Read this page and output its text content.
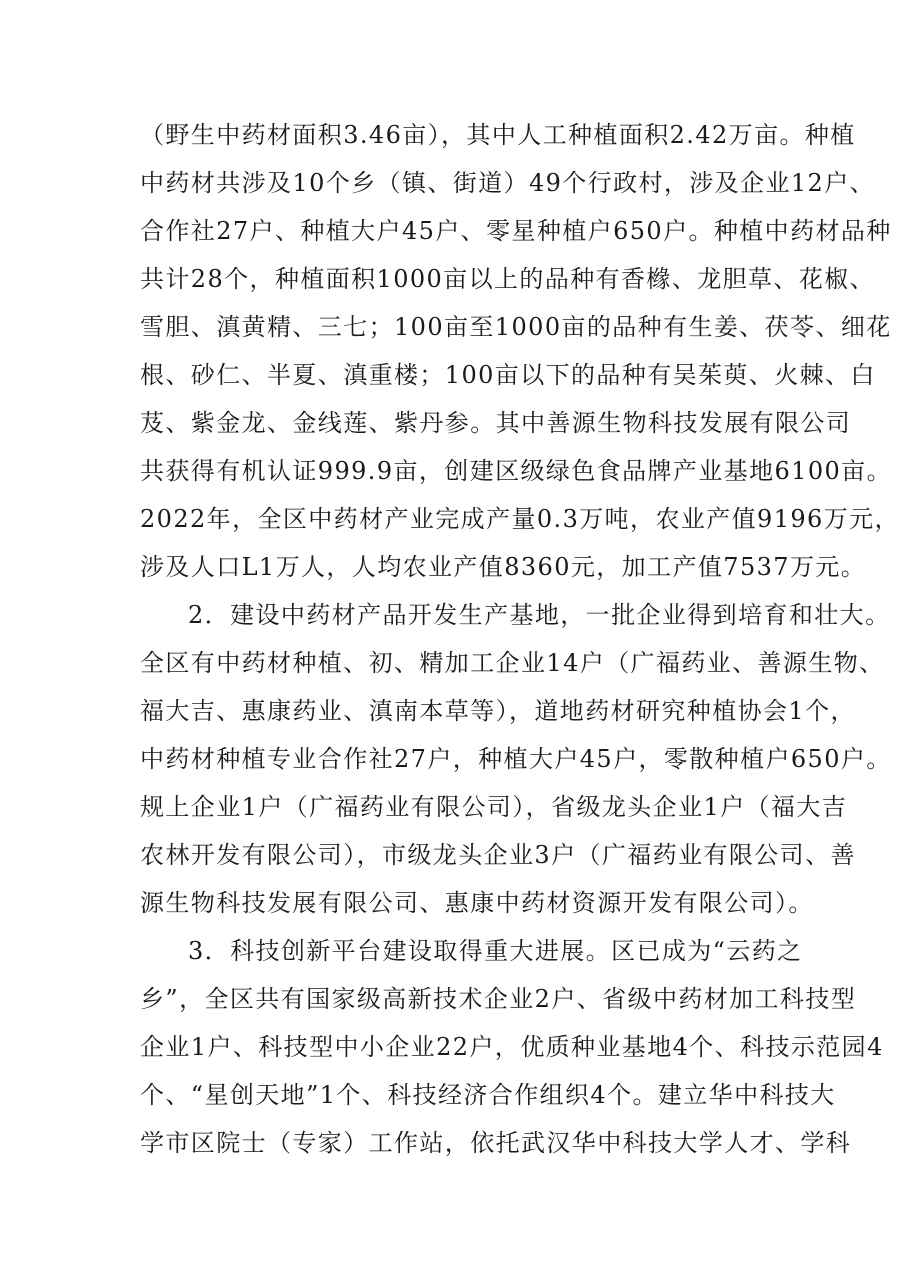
（野生中药材面积3.46亩），其中人工种植面积2.42万亩。种植
中药材共涉及10个乡（镇、街道）49个行政村，涉及企业12户、
合作社27户、种植大户45户、零星种植户650户。种植中药材品种
共计28个，种植面积1000亩以上的品种有香橼、龙胆草、花椒、
雪胆、滇黄精、三七；100亩至1000亩的品种有生姜、茯苓、细花
根、砂仁、半夏、滇重楼；100亩以下的品种有吴茱萸、火棘、白
芨、紫金龙、金线莲、紫丹参。其中善源生物科技发展有限公司
共获得有机认证999.9亩，创建区级绿色食品牌产业基地6100亩。
2022年，全区中药材产业完成产量0.3万吨，农业产值9196万元，
涉及人口L1万人，人均农业产值8360元，加工产值7537万元。
2．建设中药材产品开发生产基地，一批企业得到培育和壮大。
全区有中药材种植、初、精加工企业14户（广福药业、善源生物、
福大吉、惠康药业、滇南本草等），道地药材研究种植协会1个，
中药材种植专业合作社27户，种植大户45户，零散种植户650户。
规上企业1户（广福药业有限公司），省级龙头企业1户（福大吉
农林开发有限公司），市级龙头企业3户（广福药业有限公司、善
源生物科技发展有限公司、惠康中药材资源开发有限公司）。
3．科技创新平台建设取得重大进展。区已成为“云药之
乡”，全区共有国家级高新技术企业2户、省级中药材加工科技型
企业1户、科技型中小企业22户，优质种业基地4个、科技示范园4
个、“星创天地”1个、科技经济合作组织4个。建立华中科技大
学市区院士（专家）工作站，依托武汉华中科技大学人才、学科
